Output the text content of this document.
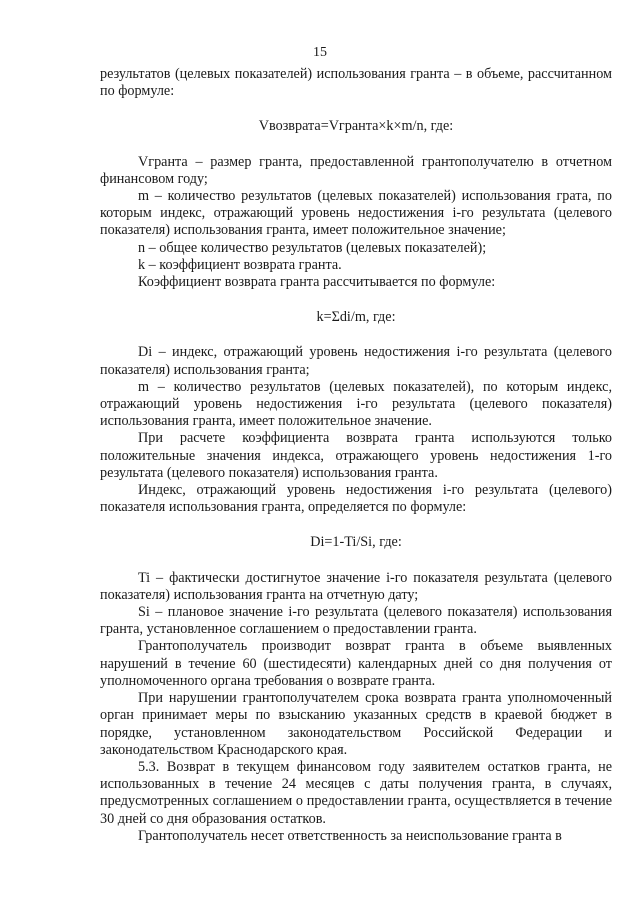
15

результатов (целевых показателей) использования гранта – в объеме, рассчитанном по формуле:

Vвозврата=Vгранта×k×m/n, где:

Vгранта – размер гранта, предоставленной грантополучателю в отчетном финансовом году;

m – количество результатов (целевых показателей) использования грата, по которым индекс, отражающий уровень недостижения i-го результата (целевого показателя) использования гранта, имеет положительное значение;

n – общее количество результатов (целевых показателей);

k – коэффициент возврата гранта.

Коэффициент возврата гранта рассчитывается по формуле:

k=Σdi/m, где:

Di – индекс, отражающий уровень недостижения i-го результата (целевого показателя) использования гранта;

m – количество результатов (целевых показателей), по которым индекс, отражающий уровень недостижения i-го результата (целевого показателя) использования гранта, имеет положительное значение.

При расчете коэффициента возврата гранта используются только положительные значения индекса, отражающего уровень недостижения 1-го результата (целевого показателя) использования гранта.

Индекс, отражающий уровень недостижения i-го результата (целевого) показателя использования гранта, определяется по формуле:

Di=1-Ti/Si, где:

Ti – фактически достигнутое значение i-го показателя результата (целевого показателя) использования гранта на отчетную дату;

Si – плановое значение i-го результата (целевого показателя) использования гранта, установленное соглашением о предоставлении гранта.

Грантополучатель производит возврат гранта в объеме выявленных нарушений в течение 60 (шестидесяти) календарных дней со дня получения от уполномоченного органа требования о возврате гранта.

При нарушении грантополучателем срока возврата гранта уполномоченный орган принимает меры по взысканию указанных средств в краевой бюджет в порядке, установленном законодательством Российской Федерации и законодательством Краснодарского края.

5.3. Возврат в текущем финансовом году заявителем остатков гранта, не использованных в течение 24 месяцев с даты получения гранта, в случаях, предусмотренных соглашением о предоставлении гранта, осуществляется в течение 30 дней со дня образования остатков.

Грантополучатель несет ответственность за неиспользование гранта в
